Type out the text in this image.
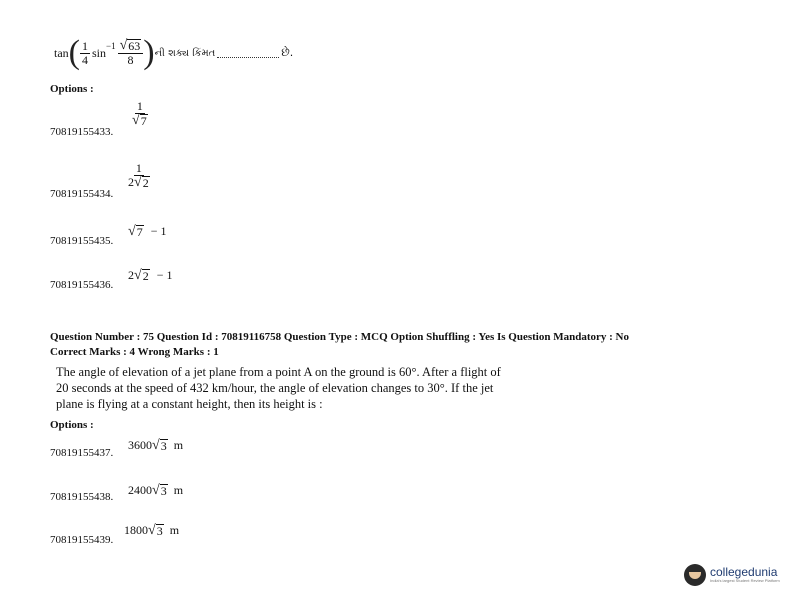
tan ( $\frac{1}{4} \sin^{-1} \frac{√ 63}{8}$ ) ની શક્ય કિંમત	છે.
Options :
70819155433.
$\frac{1}{√ 7}$
70819155434.
$\frac{1}{2 √ 2}$
70819155435.
√ 7 − 1
70819155436.
2 √ 2 − 1
Question Number : 75 Question Id : 70819116758 Question Type : MCQ Option Shuffling : Yes Is Question Mandatory : No
Correct Marks : 4 Wrong Marks : 1
The angle of elevation of a jet plane from a point A on the ground is 60°. After a flight of
20 seconds at the speed of 432 km/hour, the angle of elevation changes to 30°. If the jet
plane is flying at a constant height, then its height is :
Options :
70819155437.
3600 √ 3 m
70819155438. 2400 √ 3 m
70819155439.
1800 √ 3 m
collegedunia
India's largest Student Review Platform
